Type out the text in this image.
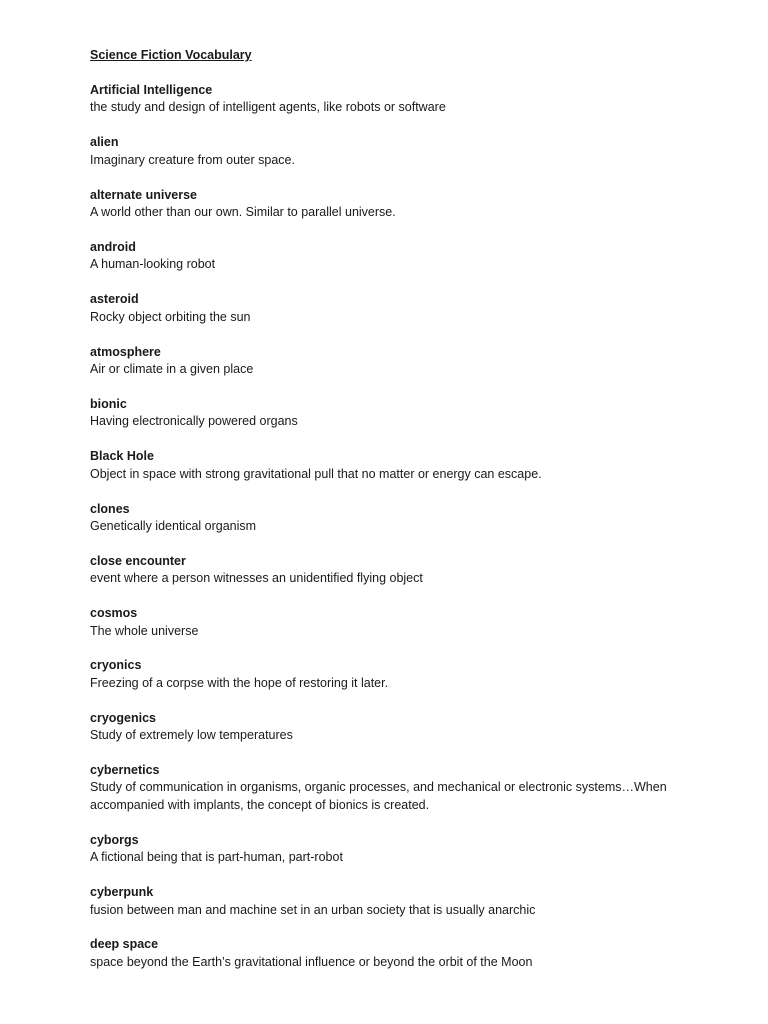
Science Fiction Vocabulary

Artificial Intelligence

the study and design of intelligent agents, like robots or software

alien

Imaginary creature from outer space.

alternate universe

A world other than our own. Similar to parallel universe.

android

A human-looking robot

asteroid

Rocky object orbiting the sun

atmosphere

Air or climate in a given place

bionic

Having electronically powered organs

Black Hole

Object in space with strong gravitational pull that no matter or energy can escape.

clones

Genetically identical organism

close encounter

event where a person witnesses an unidentified flying object

cosmos

The whole universe

cryonics

Freezing of a corpse with the hope of restoring it later.

cryogenics

Study of extremely low temperatures

cybernetics

Study of communication in organisms, organic processes, and mechanical or electronic systems…When accompanied with implants, the concept of bionics is created.

cyborgs

A fictional being that is part-human, part-robot

cyberpunk

fusion between man and machine set in an urban society that is usually anarchic

deep space

space beyond the Earth’s gravitational influence or beyond the orbit of the Moon
